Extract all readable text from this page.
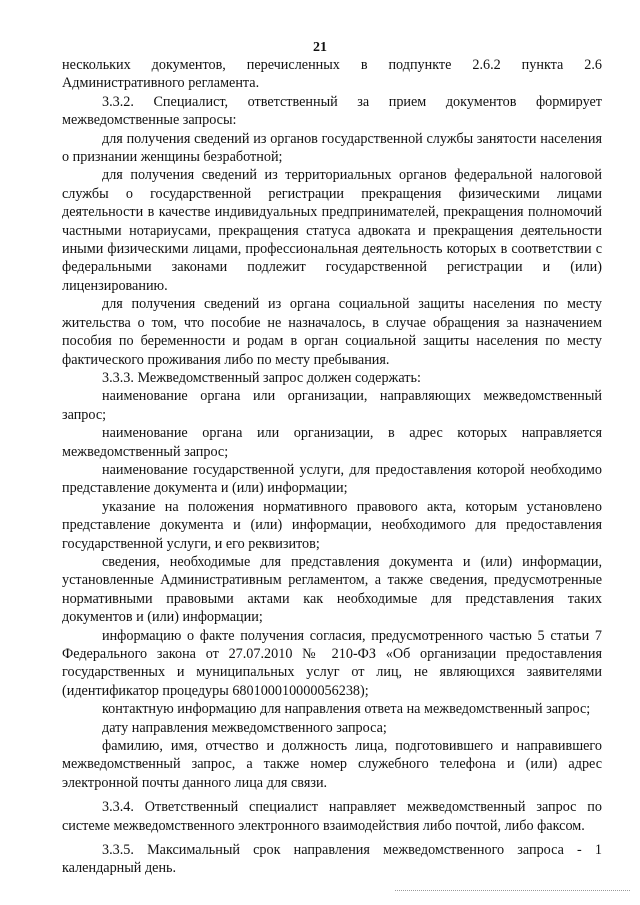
21

нескольких документов, перечисленных в подпункте 2.6.2 пункта 2.6 Административного регламента.

3.3.2. Специалист, ответственный за прием документов формирует межведомственные запросы:

для получения сведений из органов государственной службы занятости населения о признании женщины безработной;

для получения сведений из территориальных органов федеральной налоговой службы о государственной регистрации прекращения физическими лицами деятельности в качестве индивидуальных предпринимателей, прекращения полномочий частными нотариусами, прекращения статуса адвоката и прекращения деятельности иными физическими лицами, профессиональная деятельность которых в соответствии с федеральными законами подлежит государственной регистрации и (или) лицензированию.

для получения сведений из органа социальной защиты населения по месту жительства о том, что пособие не назначалось, в случае обращения за назначением пособия по беременности и родам в орган социальной защиты населения по месту фактического проживания либо по месту пребывания.

3.3.3. Межведомственный запрос должен содержать:

наименование органа или организации, направляющих межведомственный запрос;

наименование органа или организации, в адрес которых направляется межведомственный запрос;

наименование государственной услуги, для предоставления которой необходимо представление документа и (или) информации;

указание на положения нормативного правового акта, которым установлено представление документа и (или) информации, необходимого для предоставления государственной услуги, и его реквизитов;

сведения, необходимые для представления документа и (или) информации, установленные Административным регламентом, а также сведения, предусмотренные нормативными правовыми актами как необходимые для представления таких документов и (или) информации;

информацию о факте получения согласия, предусмотренного частью 5 статьи 7 Федерального закона от 27.07.2010 № 210-ФЗ «Об организации предоставления государственных и муниципальных услуг от лиц, не являющихся заявителями (идентификатор процедуры 680100010000056238);

контактную информацию для направления ответа на межведомственный запрос;

дату направления межведомственного запроса;

фамилию, имя, отчество и должность лица, подготовившего и направившего межведомственный запрос, а также номер служебного телефона и (или) адрес электронной почты данного лица для связи.

3.3.4. Ответственный специалист направляет межведомственный запрос по системе межведомственного электронного взаимодействия либо почтой, либо факсом.

3.3.5. Максимальный срок направления межведомственного запроса - 1 календарный день.
